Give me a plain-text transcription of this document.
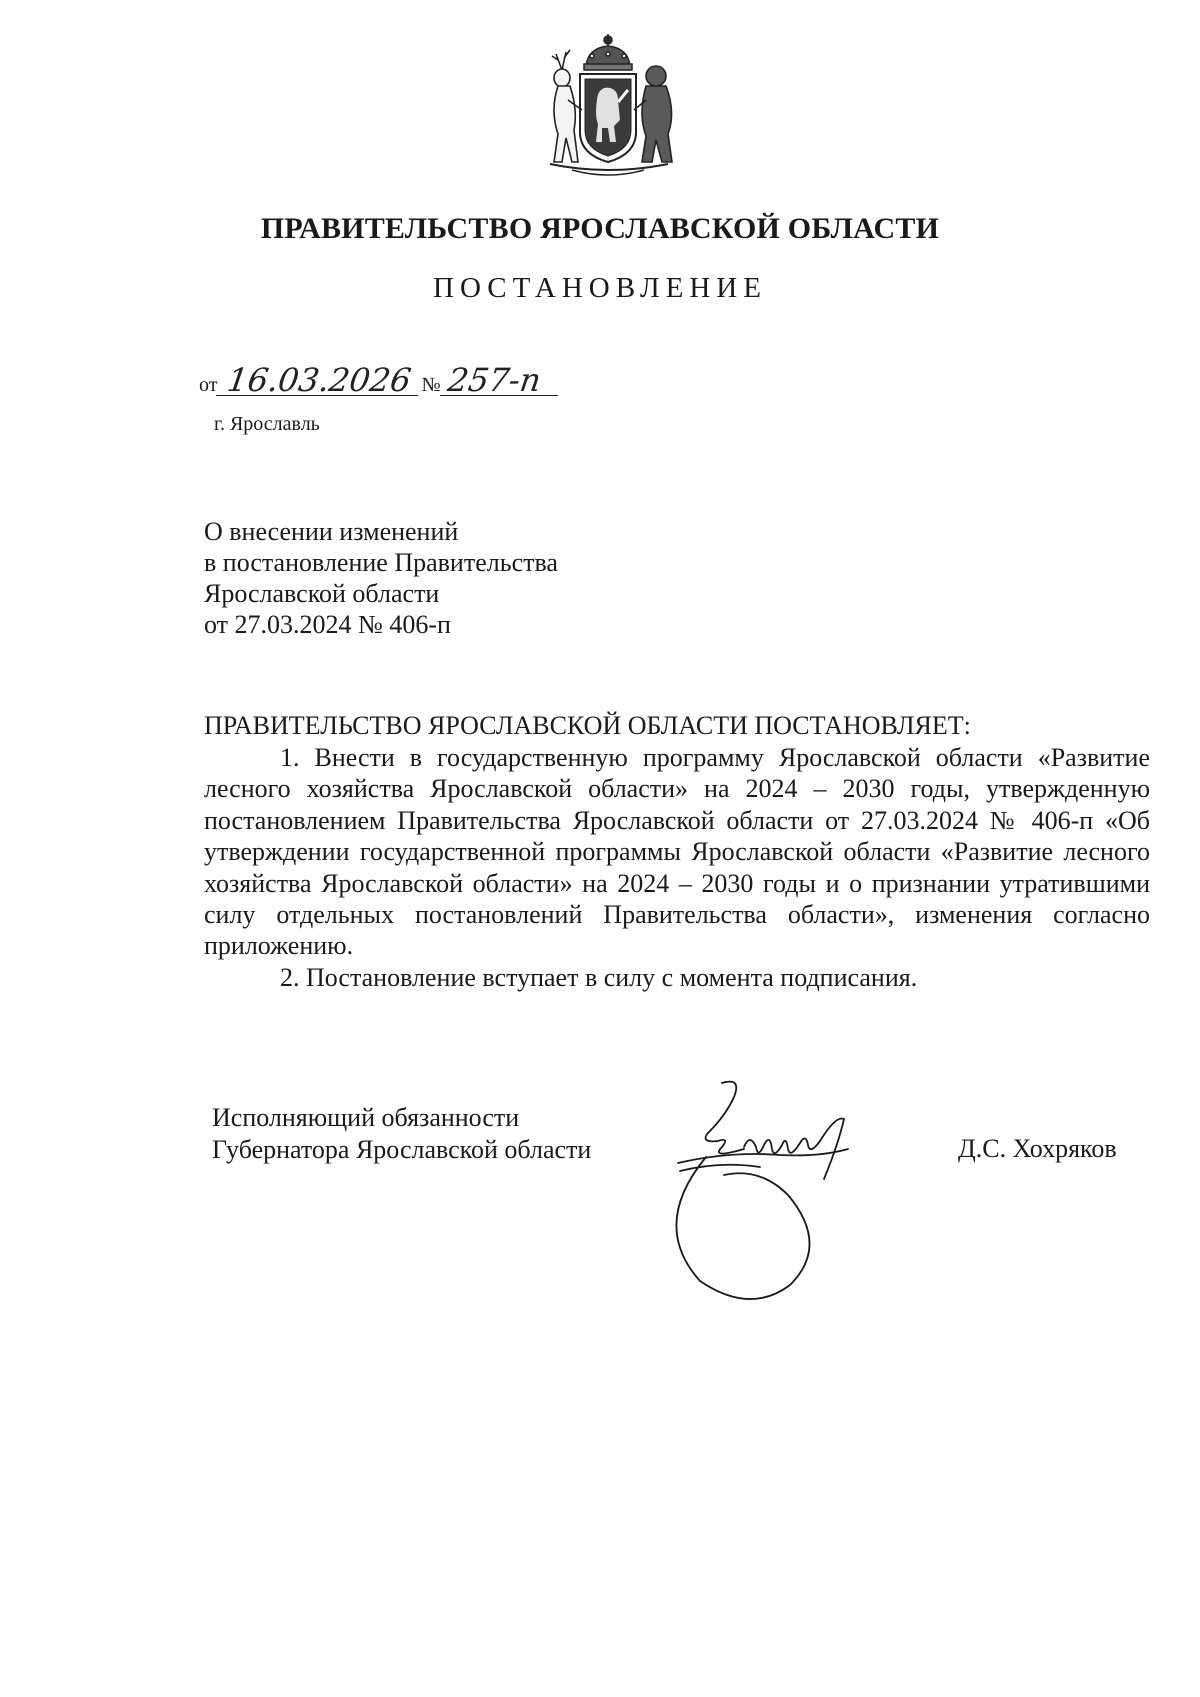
ПРАВИТЕЛЬСТВО ЯРОСЛАВСКОЙ ОБЛАСТИ
ПОСТАНОВЛЕНИЕ
от 16.03.2026 № 257-п
г. Ярославль
О внесении изменений
в постановление Правительства
Ярославской области
от 27.03.2024 № 406-п
ПРАВИТЕЛЬСТВО ЯРОСЛАВСКОЙ ОБЛАСТИ ПОСТАНОВЛЯЕТ:

1. Внести в государственную программу Ярославской области «Развитие лесного хозяйства Ярославской области» на 2024 – 2030 годы, утвержденную постановлением Правительства Ярославской области от 27.03.2024 № 406-п «Об утверждении государственной программы Ярославской области «Развитие лесного хозяйства Ярославской области» на 2024 – 2030 годы и о признании утратившими силу отдельных постановлений Правительства области», изменения согласно приложению.

2. Постановление вступает в силу с момента подписания.

Исполняющий обязанности
Губернатора Ярославской области	Д.С. Хохряков
